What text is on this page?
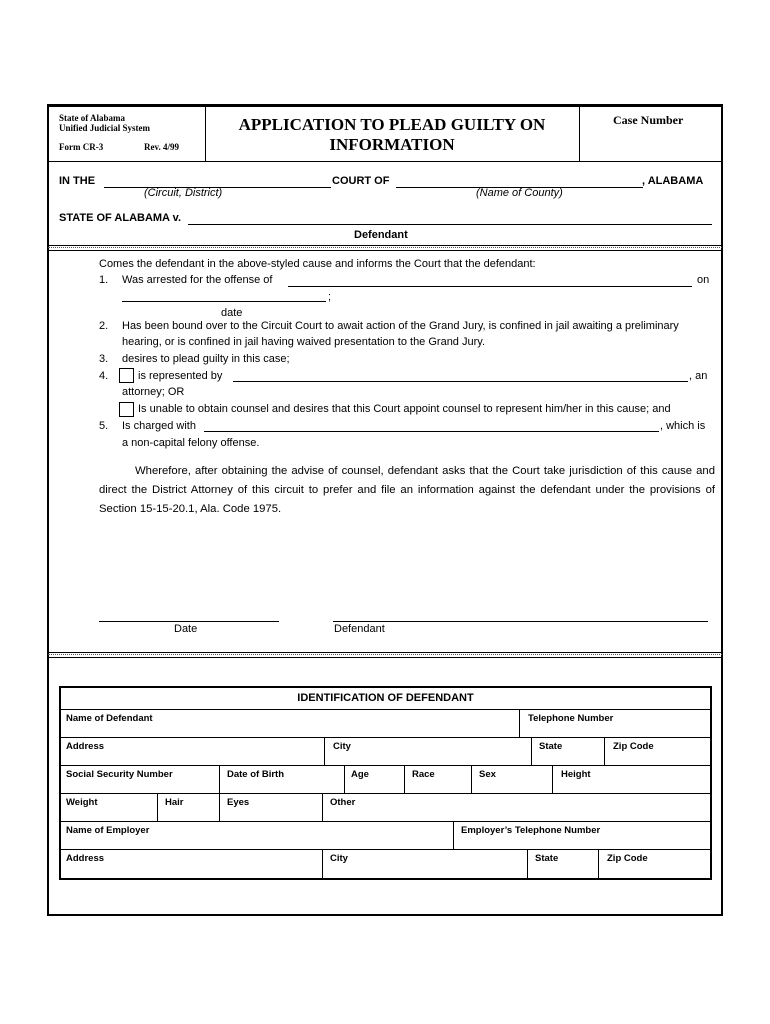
State of Alabama
Unified Judicial System
Form CR-3	Rev. 4/99
APPLICATION TO PLEAD GUILTY ON
INFORMATION
Case Number
IN THE	COURT OF	, ALABAMA
(Circuit, District)	(Name of County)
STATE OF ALABAMA v.
Defendant
Comes the defendant in the above-styled cause and informs the Court that the defendant:
1. Was arrested for the offense of	on
;
date
2. Has been bound over to the Circuit Court to await action of the Grand Jury, is confined in jail awaiting a preliminary
hearing, or is confined in jail having waived presentation to the Grand Jury.
3. desires to plead guilty in this case;
4.	is represented by	, an
attorney; OR
Is unable to obtain counsel and desires that this Court appoint counsel to represent him/her in this cause; and
5. Is charged with	, which is
a non-capital felony offense.
Wherefore, after obtaining the advise of counsel, defendant asks that the Court take jurisdiction of this cause and direct the District Attorney of this circuit to prefer and file an information against the defendant under the provisions of Section 15-15-20.1, Ala. Code 1975.
Date	Defendant
IDENTIFICATION OF DEFENDANT
Name of Defendant	Telephone Number
Address	City	State	Zip Code
Social Security Number	Date of Birth	Age	Race	Sex	Height
Weight	Hair	Eyes	Other
Name of Employer	Employer’s Telephone Number
Address	City	State	Zip Code
